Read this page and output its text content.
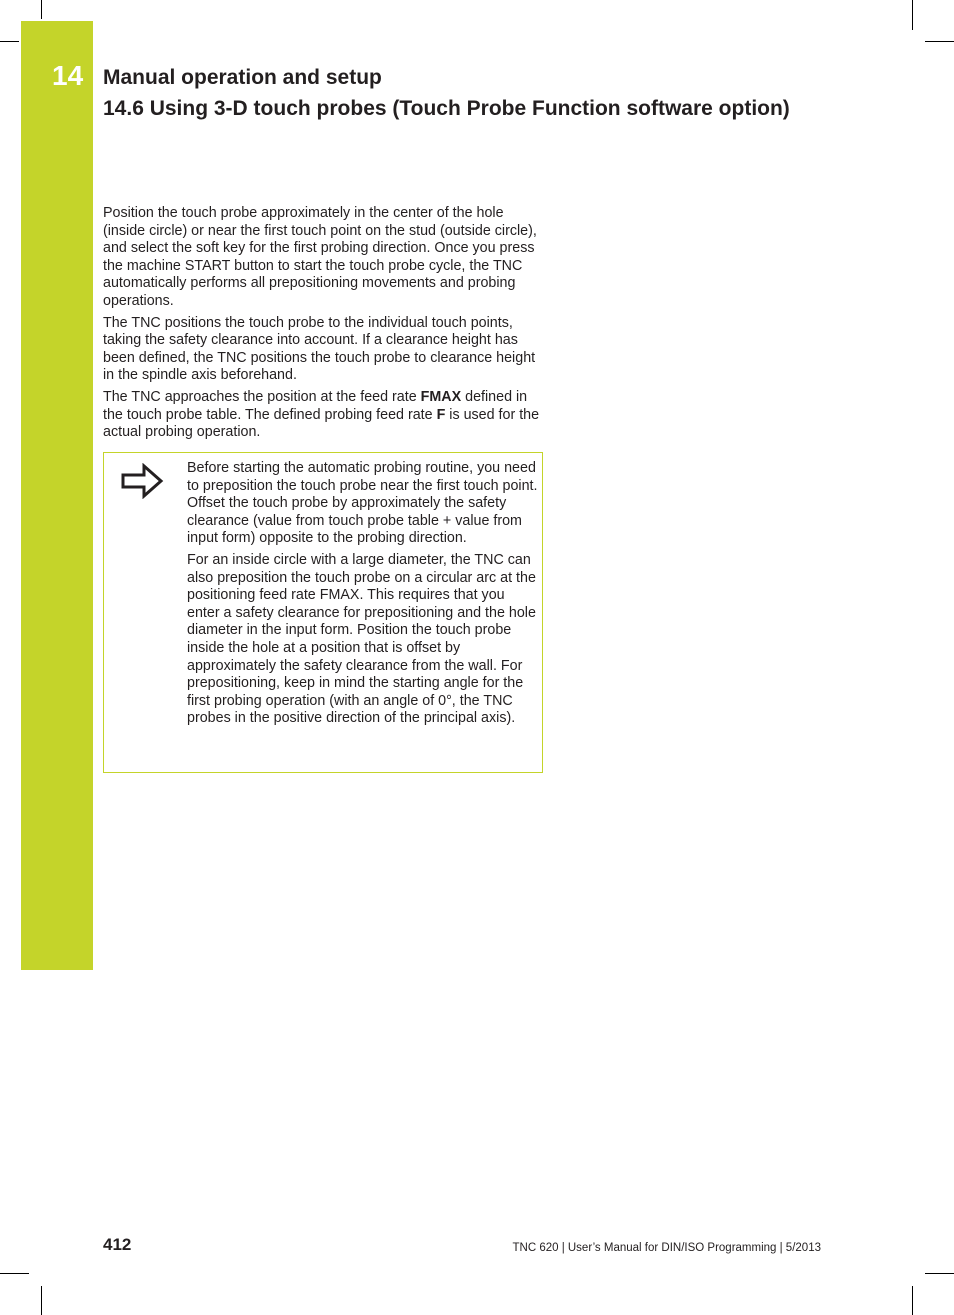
14 Manual operation and setup
14.6 Using 3-D touch probes (Touch Probe Function software option)

Position the touch probe approximately in the center of the hole (inside circle) or near the first touch point on the stud (outside circle), and select the soft key for the first probing direction. Once you press the machine START button to start the touch probe cycle, the TNC automatically performs all prepositioning movements and probing operations.

The TNC positions the touch probe to the individual touch points, taking the safety clearance into account. If a clearance height has been defined, the TNC positions the touch probe to clearance height in the spindle axis beforehand.

The TNC approaches the position at the feed rate FMAX defined in the touch probe table. The defined probing feed rate F is used for the actual probing operation.

Before starting the automatic probing routine, you need to preposition the touch probe near the first touch point. Offset the touch probe by approximately the safety clearance (value from touch probe table + value from input form) opposite to the probing direction.

For an inside circle with a large diameter, the TNC can also preposition the touch probe on a circular arc at the positioning feed rate FMAX. This requires that you enter a safety clearance for prepositioning and the hole diameter in the input form. Position the touch probe inside the hole at a position that is offset by approximately the safety clearance from the wall. For prepositioning, keep in mind the starting angle for the first probing operation (with an angle of 0°, the TNC probes in the positive direction of the principal axis).

412	TNC 620 | User’s Manual for DIN/ISO Programming | 5/2013
